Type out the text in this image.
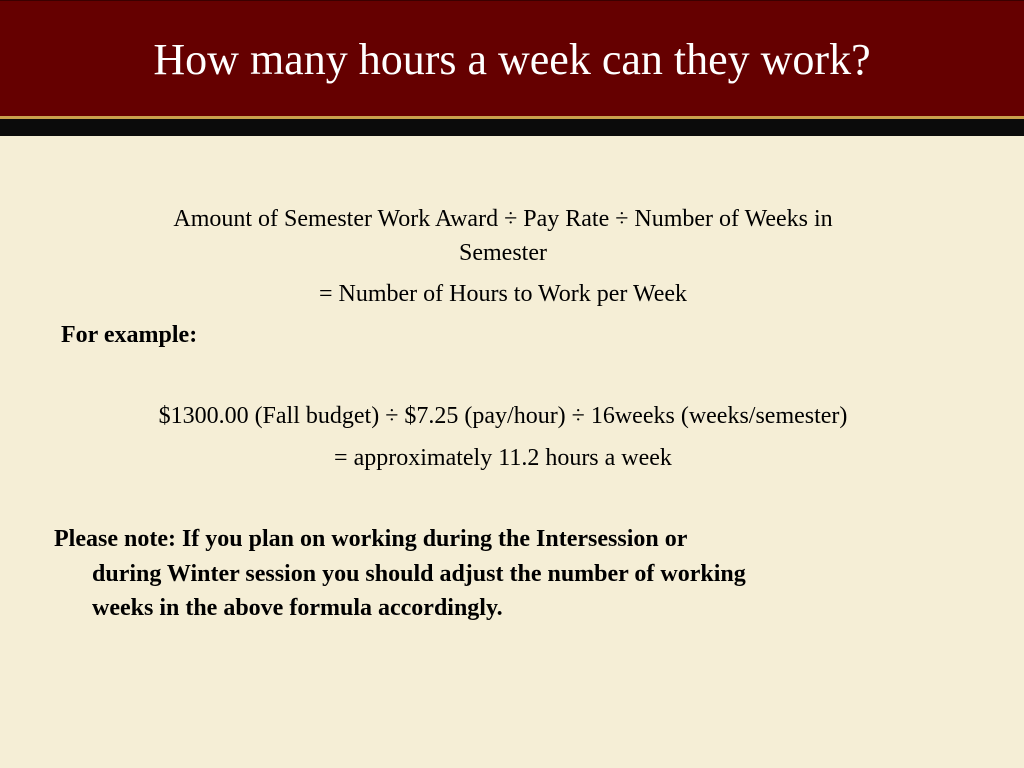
How many hours a week can they work?
Amount of Semester Work Award ÷ Pay Rate ÷ Number of Weeks in
Semester
= Number of Hours to Work per Week
For example:
$1300.00 (Fall budget) ÷ $7.25 (pay/hour) ÷ 16weeks (weeks/semester)
= approximately 11.2 hours a week
Please note: If you plan on working during the Intersession or
during Winter session you should adjust the number of working
weeks in the above formula accordingly.
